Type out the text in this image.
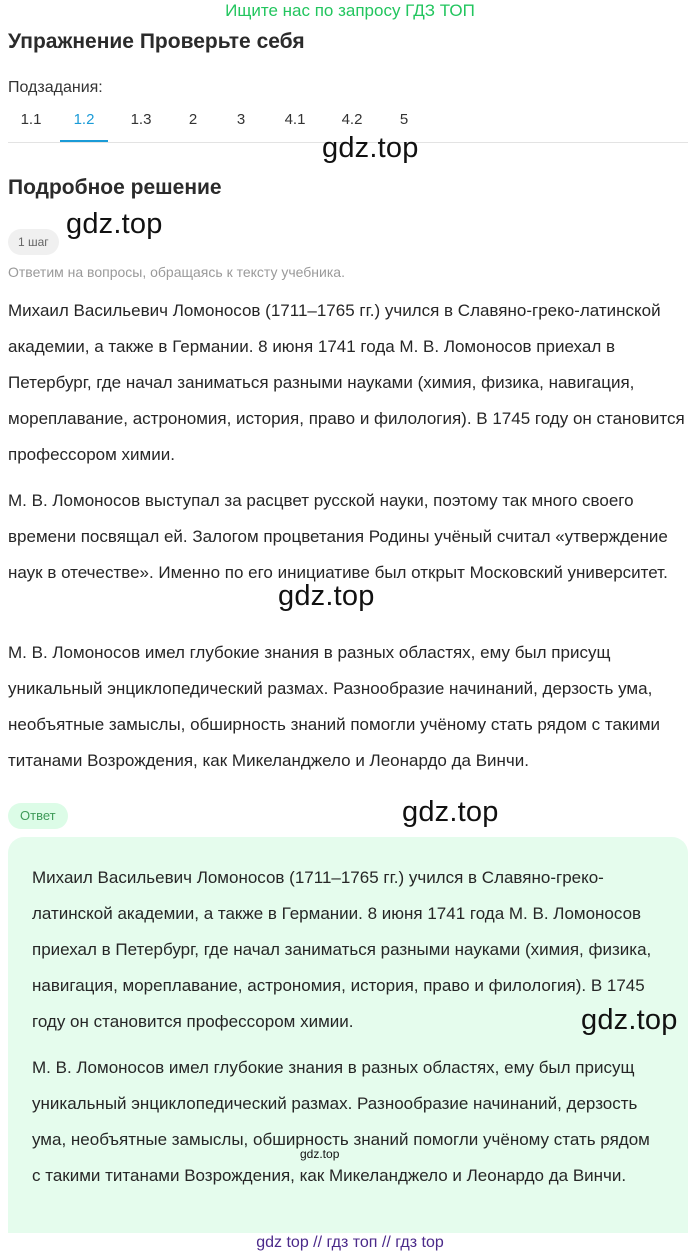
Ищите нас по запросу ГДЗ ТОП
Упражнение Проверьте себя
Подзадания:
1.1	1.2	1.3 2	3	4.1 4.2 5
gdz.top
Подробное решение
1 шаг
gdz.top
Ответим на вопросы, обращаясь к тексту учебника.

Михаил Васильевич Ломоносов (1711–1765 гг.) учился в Славяно-греко-латинской академии, а также в Германии. 8 июня 1741 года М. В. Ломоносов приехал в Петербург, где начал заниматься разными науками (химия, физика, навигация, мореплавание, астрономия, история, право и филология). В 1745 году он становится профессором химии.

М. В. Ломоносов выступал за расцвет русской науки, поэтому так много своего времени посвящал ей. Залогом процветания Родины учёный считал «утверждение наук в отечестве». Именно по его инициативе был открыт Московский университет.

gdz.top

М. В. Ломоносов имел глубокие знания в разных областях, ему был присущ уникальный энциклопедический размах. Разнообразие начинаний, дерзость ума, необъятные замыслы, обширность знаний помогли учёному стать рядом с такими титанами Возрождения, как Микеланджело и Леонардо да Винчи.

Ответ	gdz.top

Михаил Васильевич Ломоносов (1711–1765 гг.) учился в Славяно-греко-латинской академии, а также в Германии. 8 июня 1741 года М. В. Ломоносов приехал в Петербург, где начал заниматься разными науками (химия, физика, навигация, мореплавание, астрономия, история, право и филология). В 1745 году он становится профессором химии.

М. В. Ломоносов имел глубокие знания в разных областях, ему был присущ уникальный энциклопедический размах. Разнообразие начинаний, дерзость ума, необъятные замыслы, обширность знаний помогли учёному стать рядом с такими титанами Возрождения, как Микеланджело и Леонардо да Винчи.

gdz.top
gdz.top
gdz top // гдз топ // гдз top
